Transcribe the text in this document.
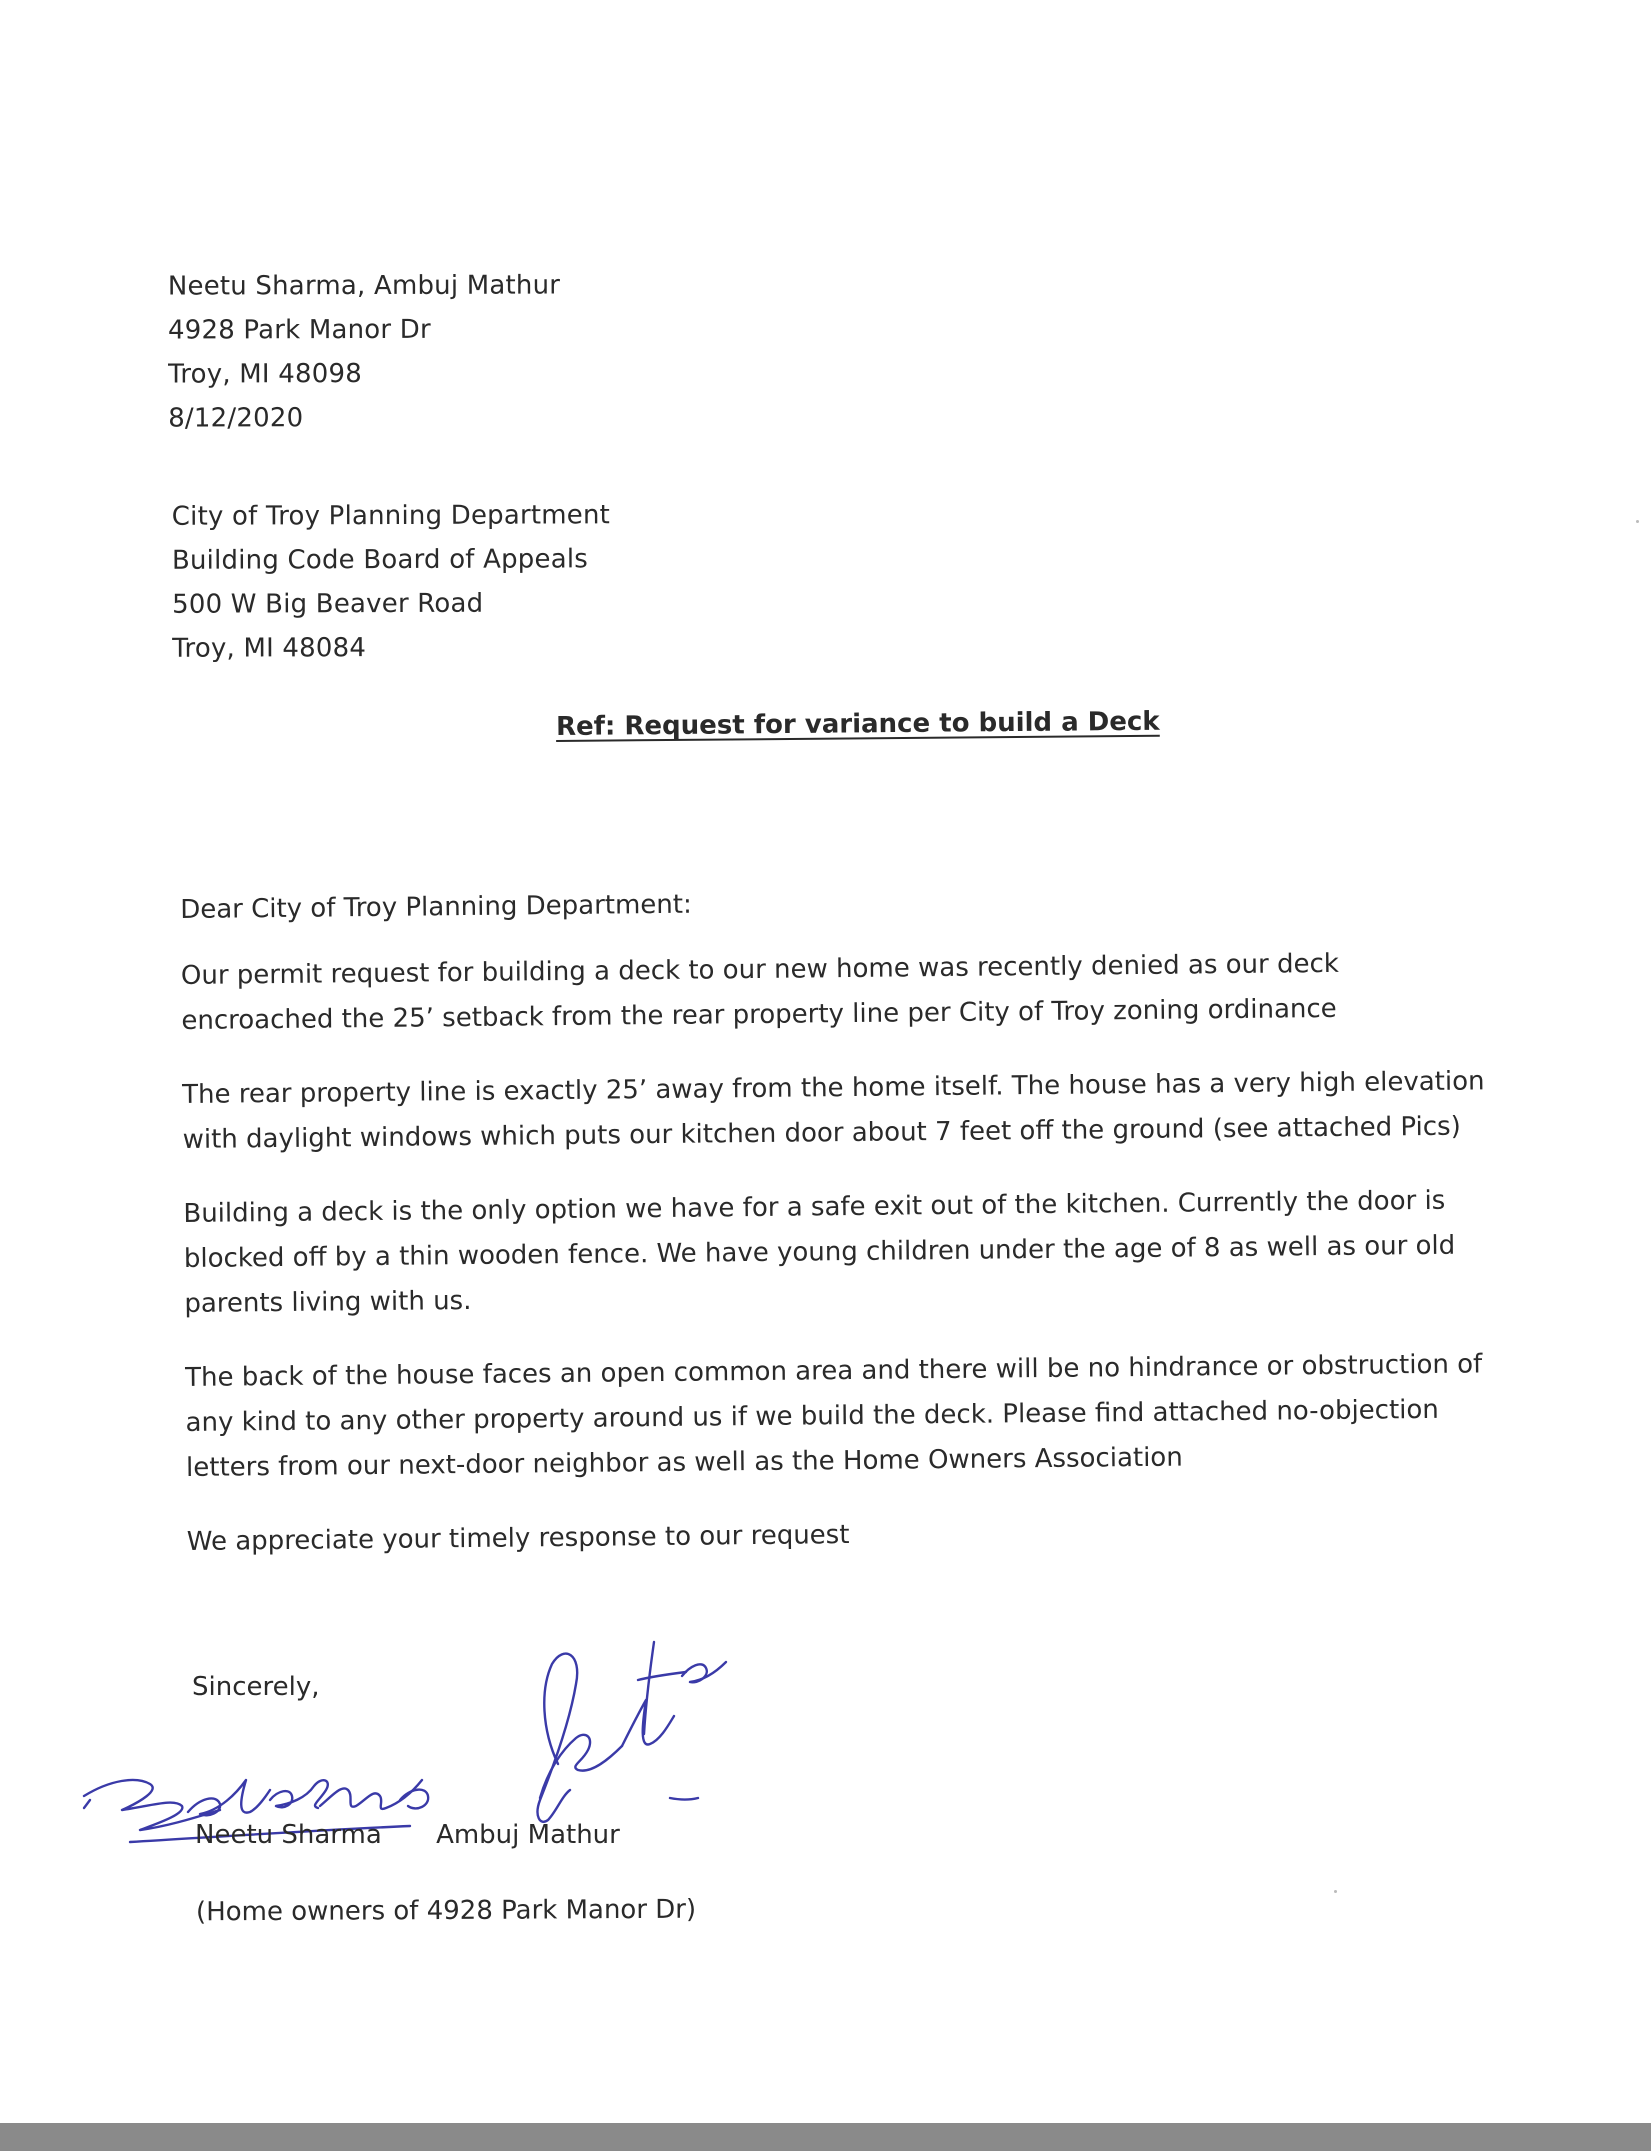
Neetu Sharma, Ambuj Mathur
4928 Park Manor Dr
Troy, MI 48098
8/12/2020
City of Troy Planning Department
Building Code Board of Appeals
500 W Big Beaver Road
Troy, MI 48084
Ref: Request for variance to build a Deck

Dear City of Troy Planning Department:

Our permit request for building a deck to our new home was recently denied as our deck
encroached the 25’ setback from the rear property line per City of Troy zoning ordinance

The rear property line is exactly 25’ away from the home itself. The house has a very high elevation
with daylight windows which puts our kitchen door about 7 feet off the ground (see attached Pics)

Building a deck is the only option we have for a safe exit out of the kitchen. Currently the door is
blocked off by a thin wooden fence. We have young children under the age of 8 as well as our old
parents living with us.

The back of the house faces an open common area and there will be no hindrance or obstruction of
any kind to any other property around us if we build the deck. Please find attached no-objection
letters from our next-door neighbor as well as the Home Owners Association

We appreciate your timely response to our request

Sincerely,
Neetu Sharma Ambuj Mathur
(Home owners of 4928 Park Manor Dr)
